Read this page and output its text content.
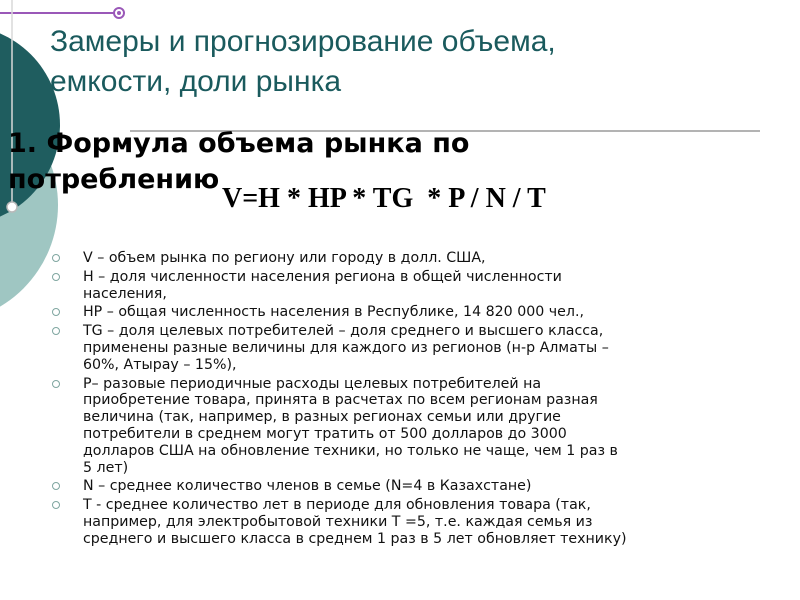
Замеры и прогнозирование объема,
емкости, доли рынка
1. Формула объема рынка по
потреблению
V=H * HP * TG  * P / N / T
V – объем рынка по региону или городу в долл. США,
H – доля численности населения региона в общей численности
населения,
HP – общая численность населения в Республике, 14 820 000 чел.,
TG – доля целевых потребителей – доля среднего и высшего класса,
применены разные величины для каждого из регионов (н-р Алматы –
60%, Атырау – 15%),
P– разовые периодичные расходы целевых потребителей на
приобретение товара, принята в расчетах по всем регионам разная
величина (так, например, в разных регионах семьи или другие
потребители в среднем могут тратить от 500 долларов до 3000
долларов США на обновление техники, но только не чаще, чем 1 раз в
5 лет)
N – среднее количество членов в семье (N=4 в Казахстане)
T - среднее количество лет в периоде для обновления товара (так,
например, для электробытовой техники T =5, т.е. каждая семья из
среднего и высшего класса в среднем 1 раз в 5 лет обновляет технику)
